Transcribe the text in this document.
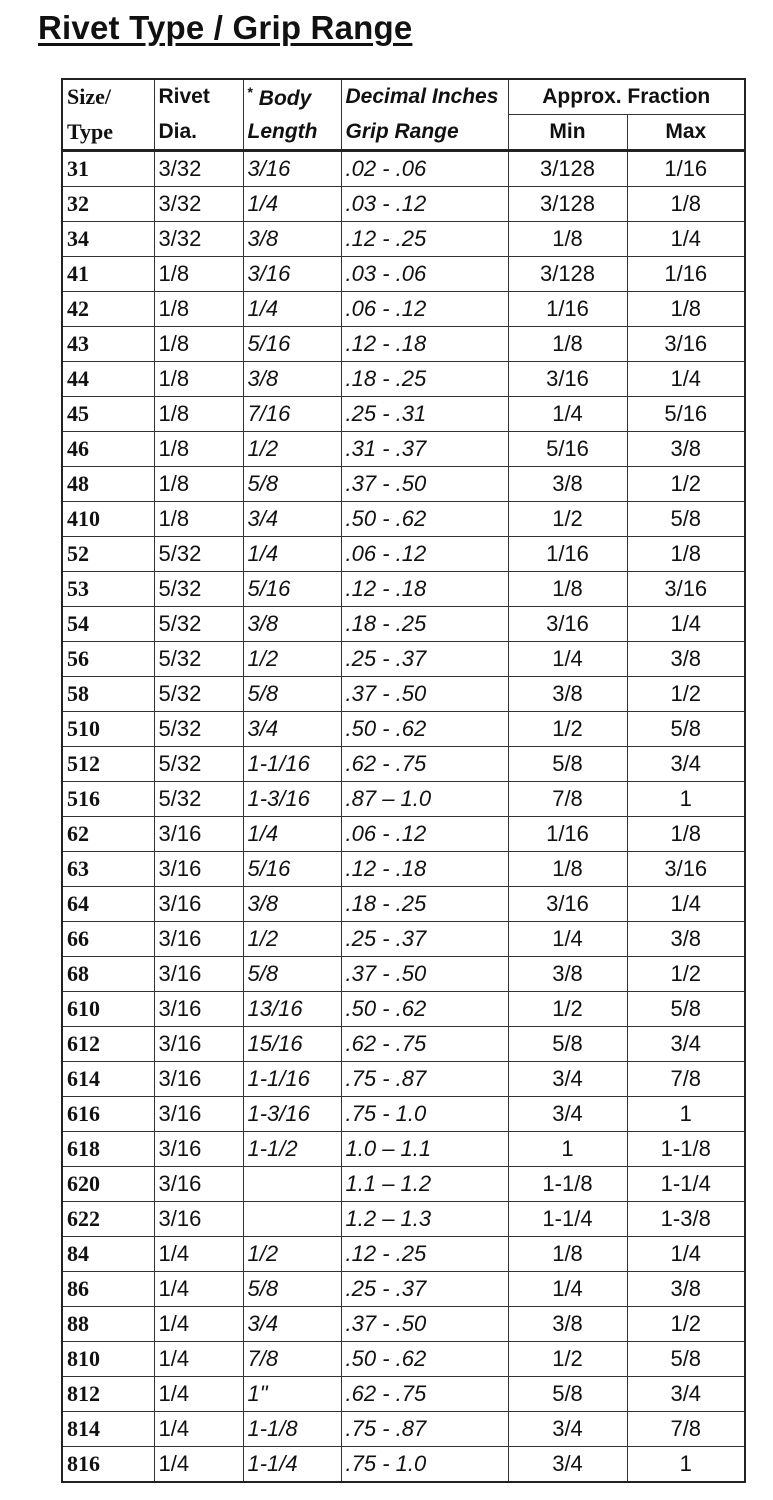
Rivet Type / Grip Range
Size/	Rivet	* Body	Decimal Inches	Approx. Fraction	
Type	Dia.	Length	Grip Range	Min	Max
31	3/32	3/16	.02 - .06	3/128	1/16
32	3/32	1/4	.03 - .12	3/128	1/8
34	3/32	3/8	.12 - .25	1/8	1/4
41	1/8	3/16	.03 - .06	3/128	1/16
42	1/8	1/4	.06 - .12	1/16	1/8
43	1/8	5/16	.12 - .18	1/8	3/16
44	1/8	3/8	.18 - .25	3/16	1/4
45	1/8	7/16	.25 - .31	1/4	5/16
46	1/8	1/2	.31 - .37	5/16	3/8
48	1/8	5/8	.37 - .50	3/8	1/2
410	1/8	3/4	.50 - .62	1/2	5/8
52	5/32	1/4	.06 - .12	1/16	1/8
53	5/32	5/16	.12 - .18	1/8	3/16
54	5/32	3/8	.18 - .25	3/16	1/4
56	5/32	1/2	.25 - .37	1/4	3/8
58	5/32	5/8	.37 - .50	3/8	1/2
510	5/32	3/4	.50 - .62	1/2	5/8
512	5/32	1-1/16	.62 - .75	5/8	3/4
516	5/32	1-3/16	.87 – 1.0	7/8	1
62	3/16	1/4	.06 - .12	1/16	1/8
63	3/16	5/16	.12 - .18	1/8	3/16
64	3/16	3/8	.18 - .25	3/16	1/4
66	3/16	1/2	.25 - .37	1/4	3/8
68	3/16	5/8	.37 - .50	3/8	1/2
610	3/16	13/16	.50 - .62	1/2	5/8
612	3/16	15/16	.62 - .75	5/8	3/4
614	3/16	1-1/16	.75 - .87	3/4	7/8
616	3/16	1-3/16	.75 - 1.0	3/4	1
618	3/16	1-1/2	1.0 – 1.1	1	1-1/8
620	3/16		1.1 – 1.2	1-1/8	1-1/4
622	3/16		1.2 – 1.3	1-1/4	1-3/8
84	1/4	1/2	.12 - .25	1/8	1/4
86	1/4	5/8	.25 - .37	1/4	3/8
88	1/4	3/4	.37 - .50	3/8	1/2
810	1/4	7/8	.50 - .62	1/2	5/8
812	1/4	1"	.62 - .75	5/8	3/4
814	1/4	1-1/8	.75 - .87	3/4	7/8
816	1/4	1-1/4	.75 - 1.0	3/4	1
